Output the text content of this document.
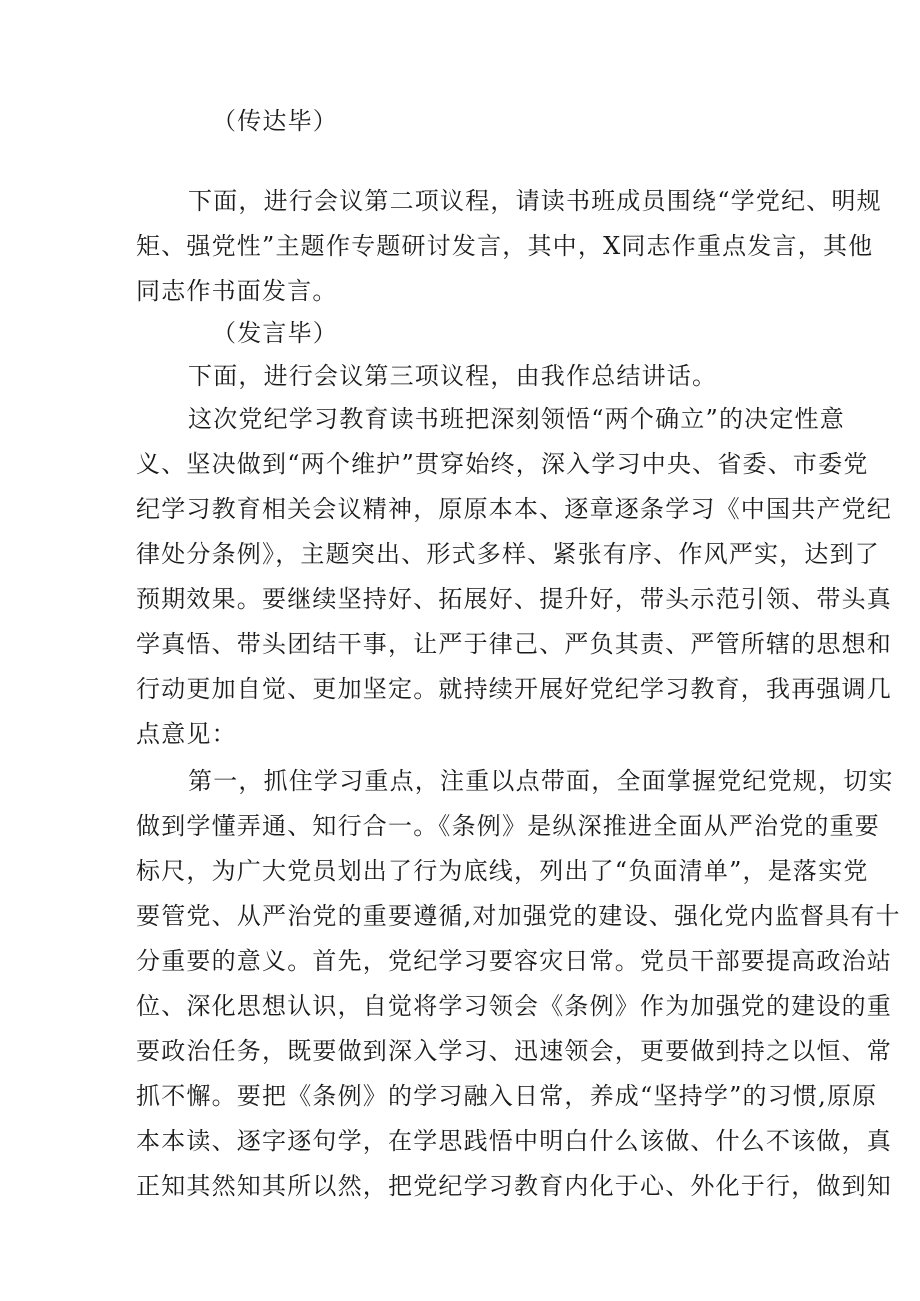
（传达毕）
下面，进行会议第二项议程，请读书班成员围绕“学党纪、明规
矩、强党性”主题作专题研讨发言，其中，X同志作重点发言，其他
同志作书面发言。
（发言毕）
下面，进行会议第三项议程，由我作总结讲话。
这次党纪学习教育读书班把深刻领悟“两个确立”的决定性意
义、坚决做到“两个维护”贯穿始终，深入学习中央、省委、市委党
纪学习教育相关会议精神，原原本本、逐章逐条学习《中国共产党纪
律处分条例》，主题突出、形式多样、紧张有序、作风严实，达到了
预期效果。要继续坚持好、拓展好、提升好，带头示范引领、带头真
学真悟、带头团结干事，让严于律己、严负其责、严管所辖的思想和
行动更加自觉、更加坚定。就持续开展好党纪学习教育，我再强调几
点意见：
第一，抓住学习重点，注重以点带面，全面掌握党纪党规，切实
做到学懂弄通、知行合一。《条例》是纵深推进全面从严治党的重要
标尺，为广大党员划出了行为底线，列出了“负面清单”，是落实党
要管党、从严治党的重要遵循,对加强党的建设、强化党内监督具有十
分重要的意义。首先，党纪学习要容灾日常。党员干部要提高政治站
位、深化思想认识，自觉将学习领会《条例》作为加强党的建设的重
要政治任务，既要做到深入学习、迅速领会，更要做到持之以恒、常
抓不懈。要把《条例》的学习融入日常，养成“坚持学”的习惯,原原
本本读、逐字逐句学，在学思践悟中明白什么该做、什么不该做，真
正知其然知其所以然，把党纪学习教育内化于心、外化于行，做到知
